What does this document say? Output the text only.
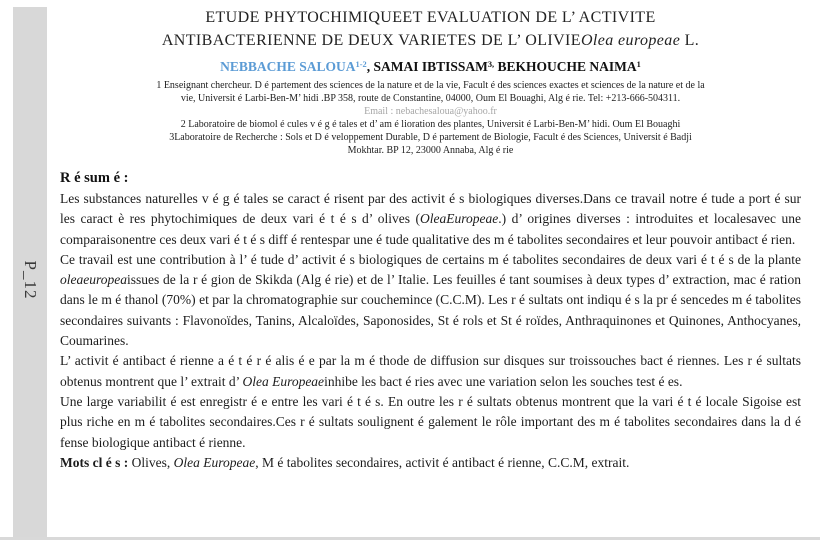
P_12
ETUDE PHYTOCHIMIQUEET EVALUATION DE L’ ACTIVITE
ANTIBACTERIENNE DE DEUX VARIETES DE L’ OLIVIEOlea europeae L.
NEBBACHE SALOUA$^{1-2}$, SAMAI $IBTISSAM^{3,}$ BEKHOUCHE NAIMA$^1$
1 Enseignant chercheur. D é partement des sciences de la nature et de la vie, Facult é des sciences exactes et sciences de la nature et de la
vie, Universit é Larbi-Ben-M’ hidi .BP 358, route de Constantine, 04000, Oum El Bouaghi, Alg é rie. Tel: +213-666-504311.
Email : nebachesaloua@yahoo.fr
2 Laboratoire de biomol é cules v é g é tales et d’ am é lioration des plantes, Universit é Larbi-Ben-M’ hidi. Oum El Bouaghi
3Laboratoire de Recherche : Sols et D é veloppement Durable, D é partement de Biologie, Facult é des Sciences, Universit é Badji
Mokhtar. BP 12, 23000 Annaba, Alg é rie
R é sum é :

Les substances naturelles v é g é tales se caract é risent par des activit é s biologiques diverses.Dans ce travail notre é tude a port é sur les caract è res phytochimiques de deux vari é t é s d’ olives (OleaEuropeae.) d’ origines diverses : introduites et localesavec une comparaisonentre ces deux vari é t é s diff é rentespar une é tude qualitative des m é tabolites secondaires et leur pouvoir antibact é rien.

Ce travail est une contribution à l’ é tude d’ activit é s biologiques de certains m é tabolites secondaires de deux vari é t é s de la plante oleaeuropeaissues de la r é gion de Skikda (Alg é rie) et de l’ Italie. Les feuilles é tant soumises à deux types d’ extraction, mac é ration dans le m é thanol (70%) et par la chromatographie sur couchemince (C.C.M). Les r é sultats ont indiqu é s la pr é sencedes m é tabolites secondaires suivants : Flavonoïdes, Tanins, Alcaloïdes, Saponosides, St é rols et St é roïdes, Anthraquinones et Quinones, Anthocyanes, Coumarines.

L’ activit é antibact é rienne a é t é r é alis é e par la m é thode de diffusion sur disques sur troissouches bact é riennes. Les r é sultats obtenus montrent que l’ extrait d’ Olea Europeaeinhibe les bact é ries avec une variation selon les souches test é es.

Une large variabilit é est enregistr é e entre les vari é t é s. En outre les r é sultats obtenus montrent que la vari é t é locale Sigoise est plus riche en m é tabolites secondaires.Ces r é sultats soulignent é galement le rôle important des m é tabolites secondaires dans la d é fense biologique antibact é rienne.

Mots cl é s : Olives, Olea Europeae, M é tabolites secondaires, activit é antibact é rienne, C.C.M, extrait.
